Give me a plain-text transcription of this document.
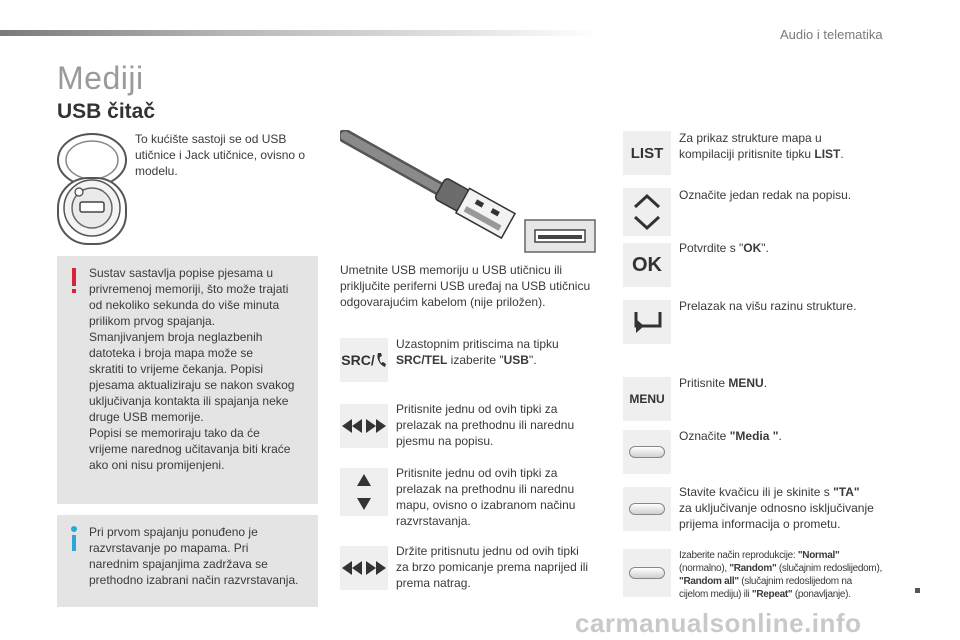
Audio i telematika
Mediji
USB čitač
To kućište sastoji se od USB utičnice i Jack utičnice, ovisno o modelu.
Sustav sastavlja popise pjesama u
privremenoj memoriji, što može trajati
od nekoliko sekunda do više minuta
prilikom prvog spajanja.
Smanjivanjem broja neglazbenih
datoteka i broja mapa može se
skratiti to vrijeme čekanja. Popisi
pjesama aktualiziraju se nakon svakog
uključivanja kontakta ili spajanja neke
druge USB memorije.
Popisi se memoriraju tako da će
vrijeme narednog učitavanja biti kraće
ako oni nisu promijenjeni.
Pri prvom spajanju ponuđeno je
razvrstavanje po mapama. Pri
narednim spajanjima zadržava se
prethodno izabrani način razvrstavanja.
Umetnite USB memoriju u USB utičnicu ili
priključite periferni USB uređaj na USB utičnicu
odgovarajućim kabelom (nije priložen).
SRC/
Uzastopnim pritiscima na tipku
SRC/TEL izaberite "USB".
Pritisnite jednu od ovih tipki za
prelazak na prethodnu ili narednu
pjesmu na popisu.
Pritisnite jednu od ovih tipki za
prelazak na prethodnu ili narednu
mapu, ovisno o izabranom načinu
razvrstavanja.
Držite pritisnutu jednu od ovih tipki
za brzo pomicanje prema naprijed ili
prema natrag.
LIST
Za prikaz strukture mapa u
kompilaciji pritisnite tipku LIST.
Označite jedan redak na popisu.
OK
Potvrdite s "OK".
Prelazak na višu razinu strukture.
MENU
Pritisnite MENU.
Označite "Media ".
Stavite kvačicu ili je skinite s "TA"
za uključivanje odnosno isključivanje
prijema informacija o prometu.
Izaberite način reprodukcije: "Normal"
(normalno), "Random" (slučajnim redoslijedom),
"Random all" (slučajnim redoslijedom na
cijelom mediju) ili "Repeat" (ponavljanje).
carmanualsonline.info
